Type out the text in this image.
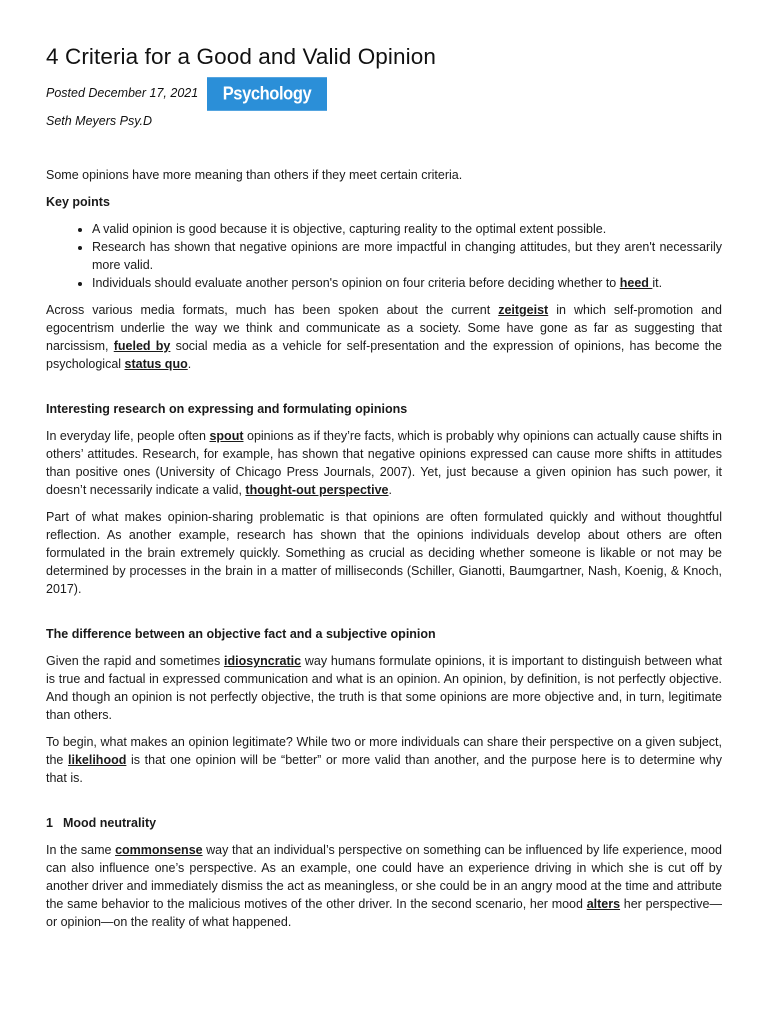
4 Criteria for a Good and Valid Opinion
Posted December 17, 2021	Psychology Today
Seth Meyers Psy.D

Some opinions have more meaning than others if they meet certain criteria.

Key points
• A valid opinion is good because it is objective, capturing reality to the optimal extent possible.
• Research has shown that negative opinions are more impactful in changing attitudes, but they aren't necessarily more valid.
• Individuals should evaluate another person's opinion on four criteria before deciding whether to heed it.

Across various media formats, much has been spoken about the current zeitgeist in which self-promotion and egocentrism underlie the way we think and communicate as a society. Some have gone as far as suggesting that narcissism, fueled by social media as a vehicle for self-presentation and the expression of opinions, has become the psychological status quo.

Interesting research on expressing and formulating opinions

In everyday life, people often spout opinions as if they’re facts, which is probably why opinions can actually cause shifts in others’ attitudes. Research, for example, has shown that negative opinions expressed can cause more shifts in attitudes than positive ones (University of Chicago Press Journals, 2007). Yet, just because a given opinion has such power, it doesn’t necessarily indicate a valid, thought-out perspective.

Part of what makes opinion-sharing problematic is that opinions are often formulated quickly and without thoughtful reflection. As another example, research has shown that the opinions individuals develop about others are often formulated in the brain extremely quickly. Something as crucial as deciding whether someone is likable or not may be determined by processes in the brain in a matter of milliseconds (Schiller, Gianotti, Baumgartner, Nash, Koenig, & Knoch, 2017).

The difference between an objective fact and a subjective opinion

Given the rapid and sometimes idiosyncratic way humans formulate opinions, it is important to distinguish between what is true and factual in expressed communication and what is an opinion. An opinion, by definition, is not perfectly objective. And though an opinion is not perfectly objective, the truth is that some opinions are more objective and, in turn, legitimate than others.

To begin, what makes an opinion legitimate? While two or more individuals can share their perspective on a given subject, the likelihood is that one opinion will be “better” or more valid than another, and the purpose here is to determine why that is.

1 Mood neutrality

In the same commonsense way that an individual’s perspective on something can be influenced by life experience, mood can also influence one’s perspective. As an example, one could have an experience driving in which she is cut off by another driver and immediately dismiss the act as meaningless, or she could be in an angry mood at the time and attribute the same behavior to the malicious motives of the other driver. In the second scenario, her mood alters her perspective—or opinion—on the reality of what happened.
